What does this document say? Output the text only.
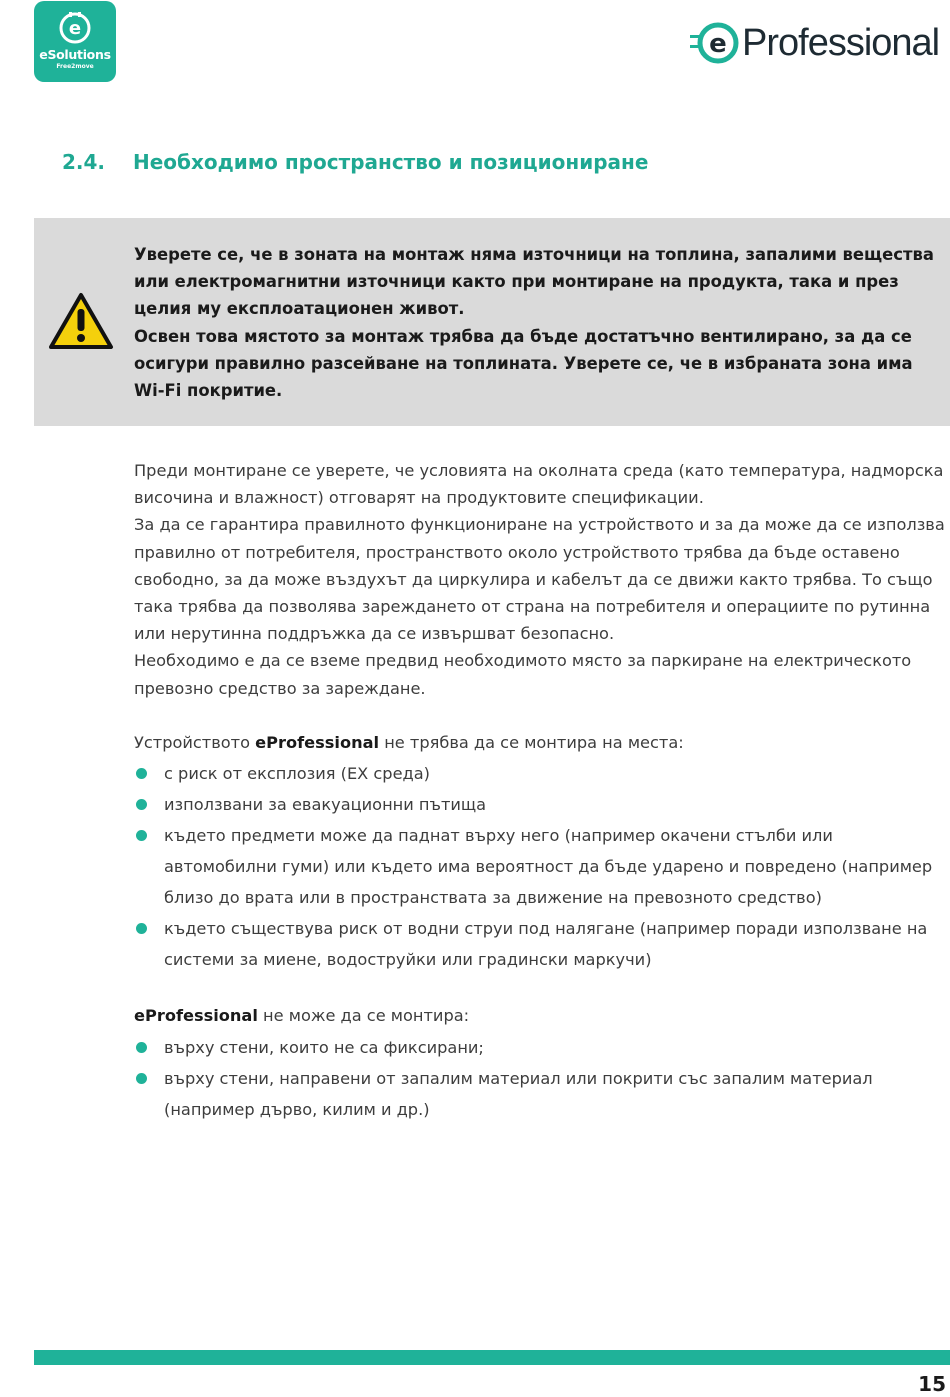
e
eSolutions
Free2move
e Professional
2.4.	Необходимо пространство и позициониране

Уверете се, че в зоната на монтаж няма източници на топлина, запалими вещества или електромагнитни източници както при монтиране на продукта, така и през целия му експлоатационен живот.

Освен това мястото за монтаж трябва да бъде достатъчно вентилирано, за да се осигури правилно разсейване на топлината. Уверете се, че в избраната зона има Wi-Fi покритие.

Преди монтиране се уверете, че условията на околната среда (като температура, надморска височина и влажност) отговарят на продуктовите спецификации.

За да се гарантира правилното функциониране на устройството и за да може да се използва правилно от потребителя, пространството около устройството трябва да бъде оставено свободно, за да може въздухът да циркулира и кабелът да се движи както трябва. То също така трябва да позволява зареждането от страна на потребителя и операциите по рутинна или нерутинна поддръжка да се извършват безопасно.

Необходимо е да се вземе предвид необходимото място за паркиране на електрическото превозно средство за зареждане.

Устройството eProfessional не трябва да се монтира на места:
с риск от експлозия (EX среда)
използвани за евакуационни пътища
където предмети може да паднат върху него (например окачени стълби или автомобилни гуми) или където има вероятност да бъде ударено и повредено (например близо до врата или в пространствата за движение на превозното средство)
където съществува риск от водни струи под налягане (например поради използване на системи за миене, водоструйки или градински маркучи)
eProfessional не може да се монтира:
върху стени, които не са фиксирани;
върху стени, направени от запалим материал или покрити със запалим материал (например дърво, килим и др.)
15
